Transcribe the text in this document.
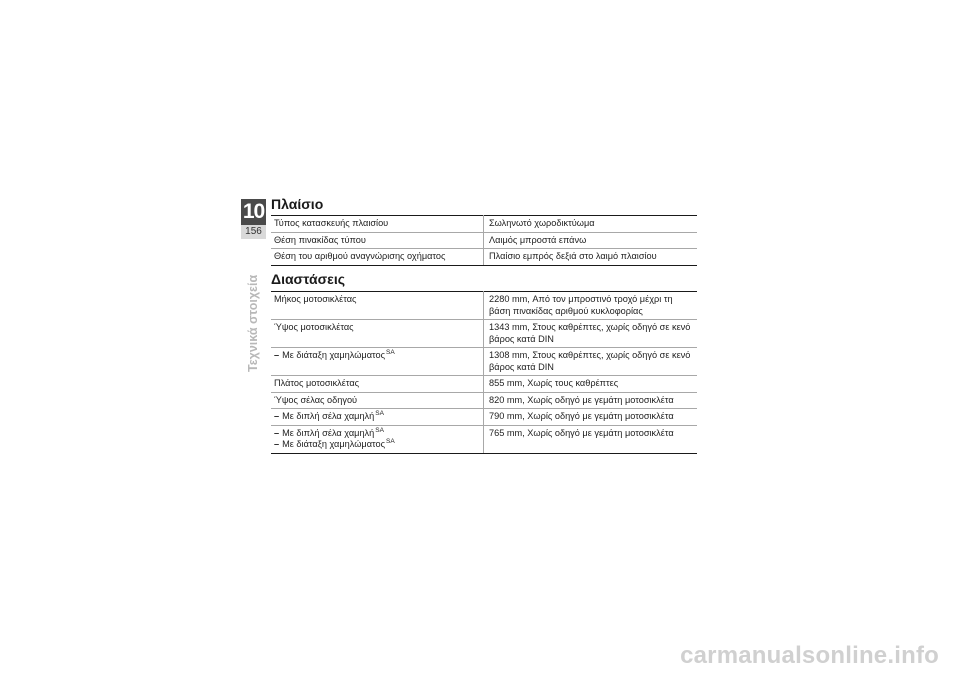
10
156
Τεχνικά στοιχεία
Πλαίσιο
Τύπος κατασκευής πλαισίου	Σωληνωτό χωροδικτύωμα

Θέση πινακίδας τύπου	Λαιμός μπροστά επάνω

Θέση του αριθμού αναγνώρισης οχήματος	Πλαίσιο εμπρός δεξιά στο λαιμό πλαισίου
Διαστάσεις
Μήκος μοτοσικλέτας	2280 mm, Από τον μπροστινό τροχό μέχρι τη
βάση πινακίδας αριθμού κυκλοφορίας

Ύψος μοτοσικλέτας	1343 mm, Στους καθρέπτες, χωρίς οδηγό σε κενό
βάρος κατά DIN

– Με διάταξη χαμηλώματος$^{SA}$	1308 mm, Στους καθρέπτες, χωρίς οδηγό σε κενό
βάρος κατά DIN

Πλάτος μοτοσικλέτας	855 mm, Χωρίς τους καθρέπτες

Ύψος σέλας οδηγού	820 mm, Χωρίς οδηγό με γεμάτη μοτοσικλέτα

– Με διπλή σέλα χαμηλή$^{SA}$	790 mm, Χωρίς οδηγό με γεμάτη μοτοσικλέτα

– Με διπλή σέλα χαμηλή$^{SA}$
– Με διάταξη χαμηλώματος$^{SA}$	765 mm, Χωρίς οδηγό με γεμάτη μοτοσικλέτα
carmanualsonline.info
